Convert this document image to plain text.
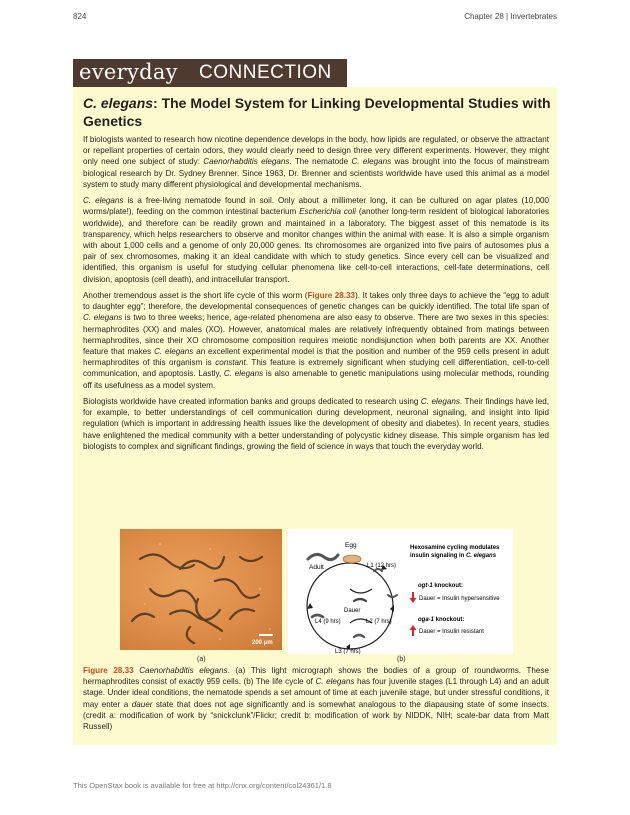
824	Chapter 28 | Invertebrates
everyday CONNECTION
C. elegans: The Model System for Linking Developmental Studies with Genetics

If biologists wanted to research how nicotine dependence develops in the body, how lipids are regulated, or observe the attractant or repellant properties of certain odors, they would clearly need to design three very different experiments. However, they might only need one subject of study: Caenorhabditis elegans. The nematode C. elegans was brought into the focus of mainstream biological research by Dr. Sydney Brenner. Since 1963, Dr. Brenner and scientists worldwide have used this animal as a model system to study many different physiological and developmental mechanisms.

C. elegans is a free-living nematode found in soil. Only about a millimeter long, it can be cultured on agar plates (10,000 worms/plate!), feeding on the common intestinal bacterium Escherichia coli (another long-term resident of biological laboratories worldwide), and therefore can be readily grown and maintained in a laboratory. The biggest asset of this nematode is its transparency, which helps researchers to observe and monitor changes within the animal with ease. It is also a simple organism with about 1,000 cells and a genome of only 20,000 genes. Its chromosomes are organized into five pairs of autosomes plus a pair of sex chromosomes, making it an ideal candidate with which to study genetics. Since every cell can be visualized and identified, this organism is useful for studying cellular phenomena like cell-to-cell interactions, cell-fate determinations, cell division, apoptosis (cell death), and intracellular transport.

Another tremendous asset is the short life cycle of this worm (Figure 28.33). It takes only three days to achieve the “egg to adult to daughter egg”; therefore, the developmental consequences of genetic changes can be quickly identified. The total life span of C. elegans is two to three weeks; hence, age-related phenomena are also easy to observe. There are two sexes in this species: hermaphrodites (XX) and males (XO). However, anatomical males are relatively infrequently obtained from matings between hermaphrodites, since their XO chromosome composition requires meiotic nondisjunction when both parents are XX. Another feature that makes C. elegans an excellent experimental model is that the position and number of the 959 cells present in adult hermaphrodites of this organism is constant. This feature is extremely significant when studying cell differentiation, cell-to-cell communication, and apoptosis. Lastly, C. elegans is also amenable to genetic manipulations using molecular methods, rounding off its usefulness as a model system.

Biologists worldwide have created information banks and groups dedicated to research using C. elegans. Their findings have led, for example, to better understandings of cell communication during development, neuronal signaling, and insight into lipid regulation (which is important in addressing health issues like the development of obesity and diabetes). In recent years, studies have enlightened the medical community with a better understanding of polycystic kidney disease. This simple organism has led biologists to complex and significant findings, growing the field of science in ways that touch the everyday world.

200 μm
Egg
Adult	L1 (12 hrs)
Dauer
L4 (9 hrs)	L2 (7 hrs)
L3 (7 hrs)
Hexosamine cycling modulates
insulin signaling in C. elegans
ogt-1 knockout:
Dauer = Insulin hypersensitive
oga-1 knockout:
Dauer = Insulin resistant
(a)	(b)
Figure 28.33 Caenorhabditis elegans. (a) This light micrograph shows the bodies of a group of roundworms. These hermaphrodites consist of exactly 959 cells. (b) The life cycle of C. elegans has four juvenile stages (L1 through L4) and an adult stage. Under ideal conditions, the nematode spends a set amount of time at each juvenile stage, but under stressful conditions, it may enter a dauer state that does not age significantly and is somewhat analogous to the diapausing state of some insects. (credit a: modification of work by “snickclunk”/Flickr; credit b: modification of work by NIDDK, NIH; scale-bar data from Matt Russell)
This OpenStax book is available for free at http://cnx.org/content/col24361/1.8
